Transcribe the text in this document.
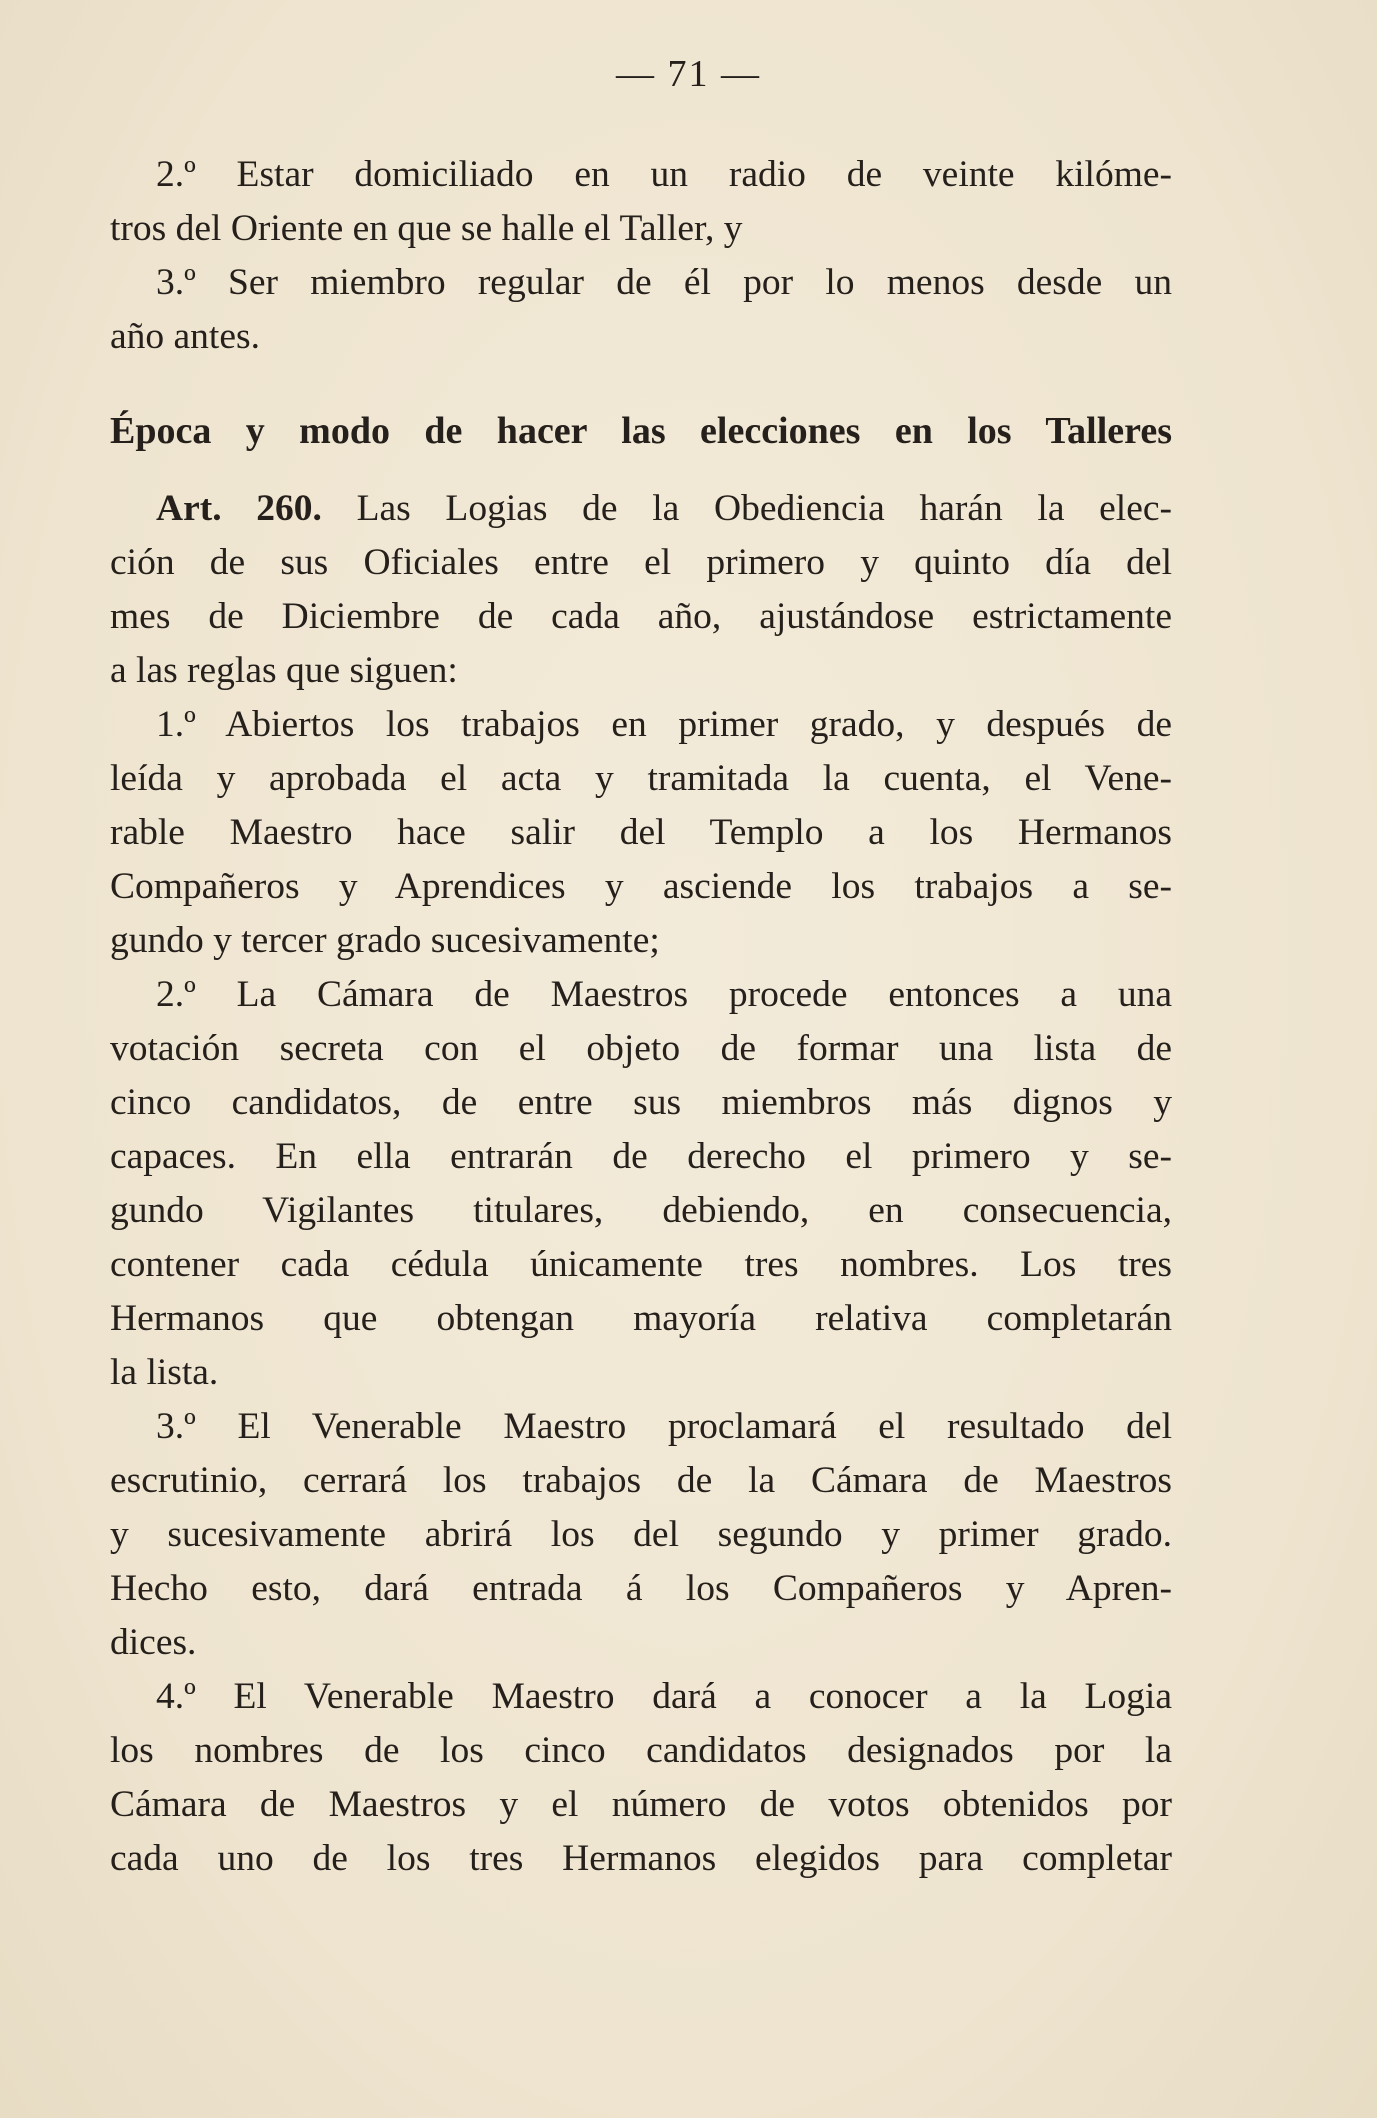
— 71 —
2.º Estar domiciliado en un radio de veinte kilóme-
tros del Oriente en que se halle el Taller, y
3.º Ser miembro regular de él por lo menos desde un
año antes.
Época y modo de hacer las elecciones en los Talleres
Art. 260. Las Logias de la Obediencia harán la elec-
ción de sus Oficiales entre el primero y quinto día del
mes de Diciembre de cada año, ajustándose estrictamente
a las reglas que siguen:
1.º Abiertos los trabajos en primer grado, y después de
leída y aprobada el acta y tramitada la cuenta, el Vene-
rable Maestro hace salir del Templo a los Hermanos
Compañeros y Aprendices y asciende los trabajos a se-
gundo y tercer grado sucesivamente;
2.º La Cámara de Maestros procede entonces a una
votación secreta con el objeto de formar una lista de
cinco candidatos, de entre sus miembros más dignos y
capaces. En ella entrarán de derecho el primero y se-
gundo Vigilantes titulares, debiendo, en consecuencia,
contener cada cédula únicamente tres nombres. Los tres
Hermanos que obtengan mayoría relativa completarán
la lista.
3.º El Venerable Maestro proclamará el resultado del
escrutinio, cerrará los trabajos de la Cámara de Maestros
y sucesivamente abrirá los del segundo y primer grado.
Hecho esto, dará entrada á los Compañeros y Apren-
dices.
4.º El Venerable Maestro dará a conocer a la Logia
los nombres de los cinco candidatos designados por la
Cámara de Maestros y el número de votos obtenidos por
cada uno de los tres Hermanos elegidos para completar
